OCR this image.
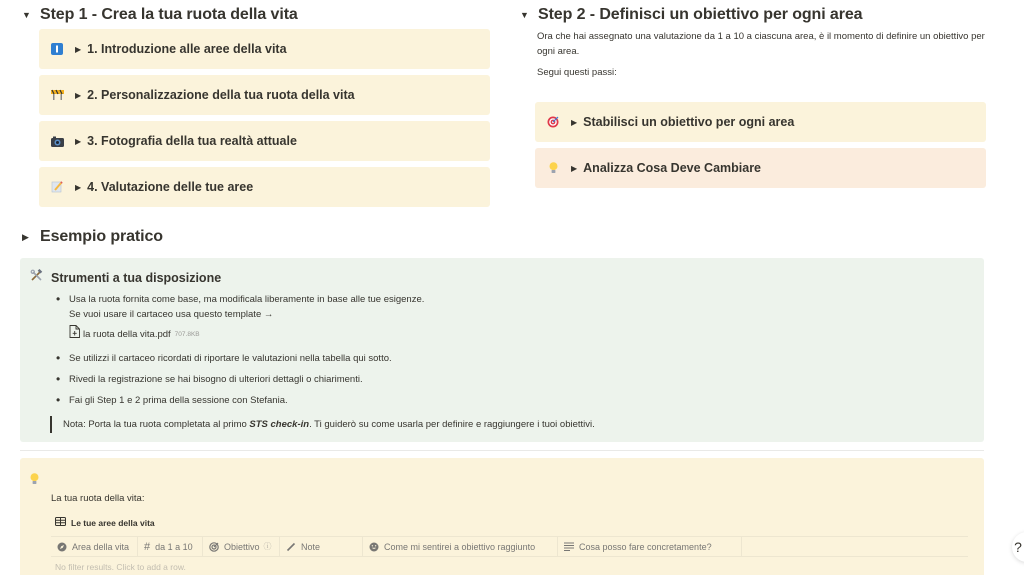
▼ Step 1 - Crea la tua ruota della vita
▶ 1. Introduzione alle aree della vita
▶ 2. Personalizzazione della tua ruota della vita
▶ 3. Fotografia della tua realtà attuale
▶ 4. Valutazione delle tue aree
▼ Step 2 - Definisci un obiettivo per ogni area

Ora che hai assegnato una valutazione da 1 a 10 a ciascuna area, è il momento di definire un obiettivo per ogni area.

Segui questi passi:

▶ Stabilisci un obiettivo per ogni area
▶ Analizza Cosa Deve Cambiare
▶ Esempio pratico
Strumenti a tua disposizione
• Usa la ruota fornita come base, ma modificala liberamente in base alle tue esigenze.
Se vuoi usare il cartaceo usa questo template →
la ruota della vita.pdf 707.8KB
• Se utilizzi il cartaceo ricordati di riportare le valutazioni nella tabella qui sotto.
• Rivedi la registrazione se hai bisogno di ulteriori dettagli o chiarimenti.
• Fai gli Step 1 e 2 prima della sessione con Stefania.
Nota: Porta la tua ruota completata al primo STS check-in. Ti guiderò su come usarla per definire e raggiungere i tuoi obiettivi.
La tua ruota della vita:
Le tue aree della vita
Area della vita # da 1 a 10	Obiettivo ⓘ	Note	Come mi sentirei a obiettivo raggiunto	Cosa posso fare concretamente?
No filter results. Click to add a row.
?
